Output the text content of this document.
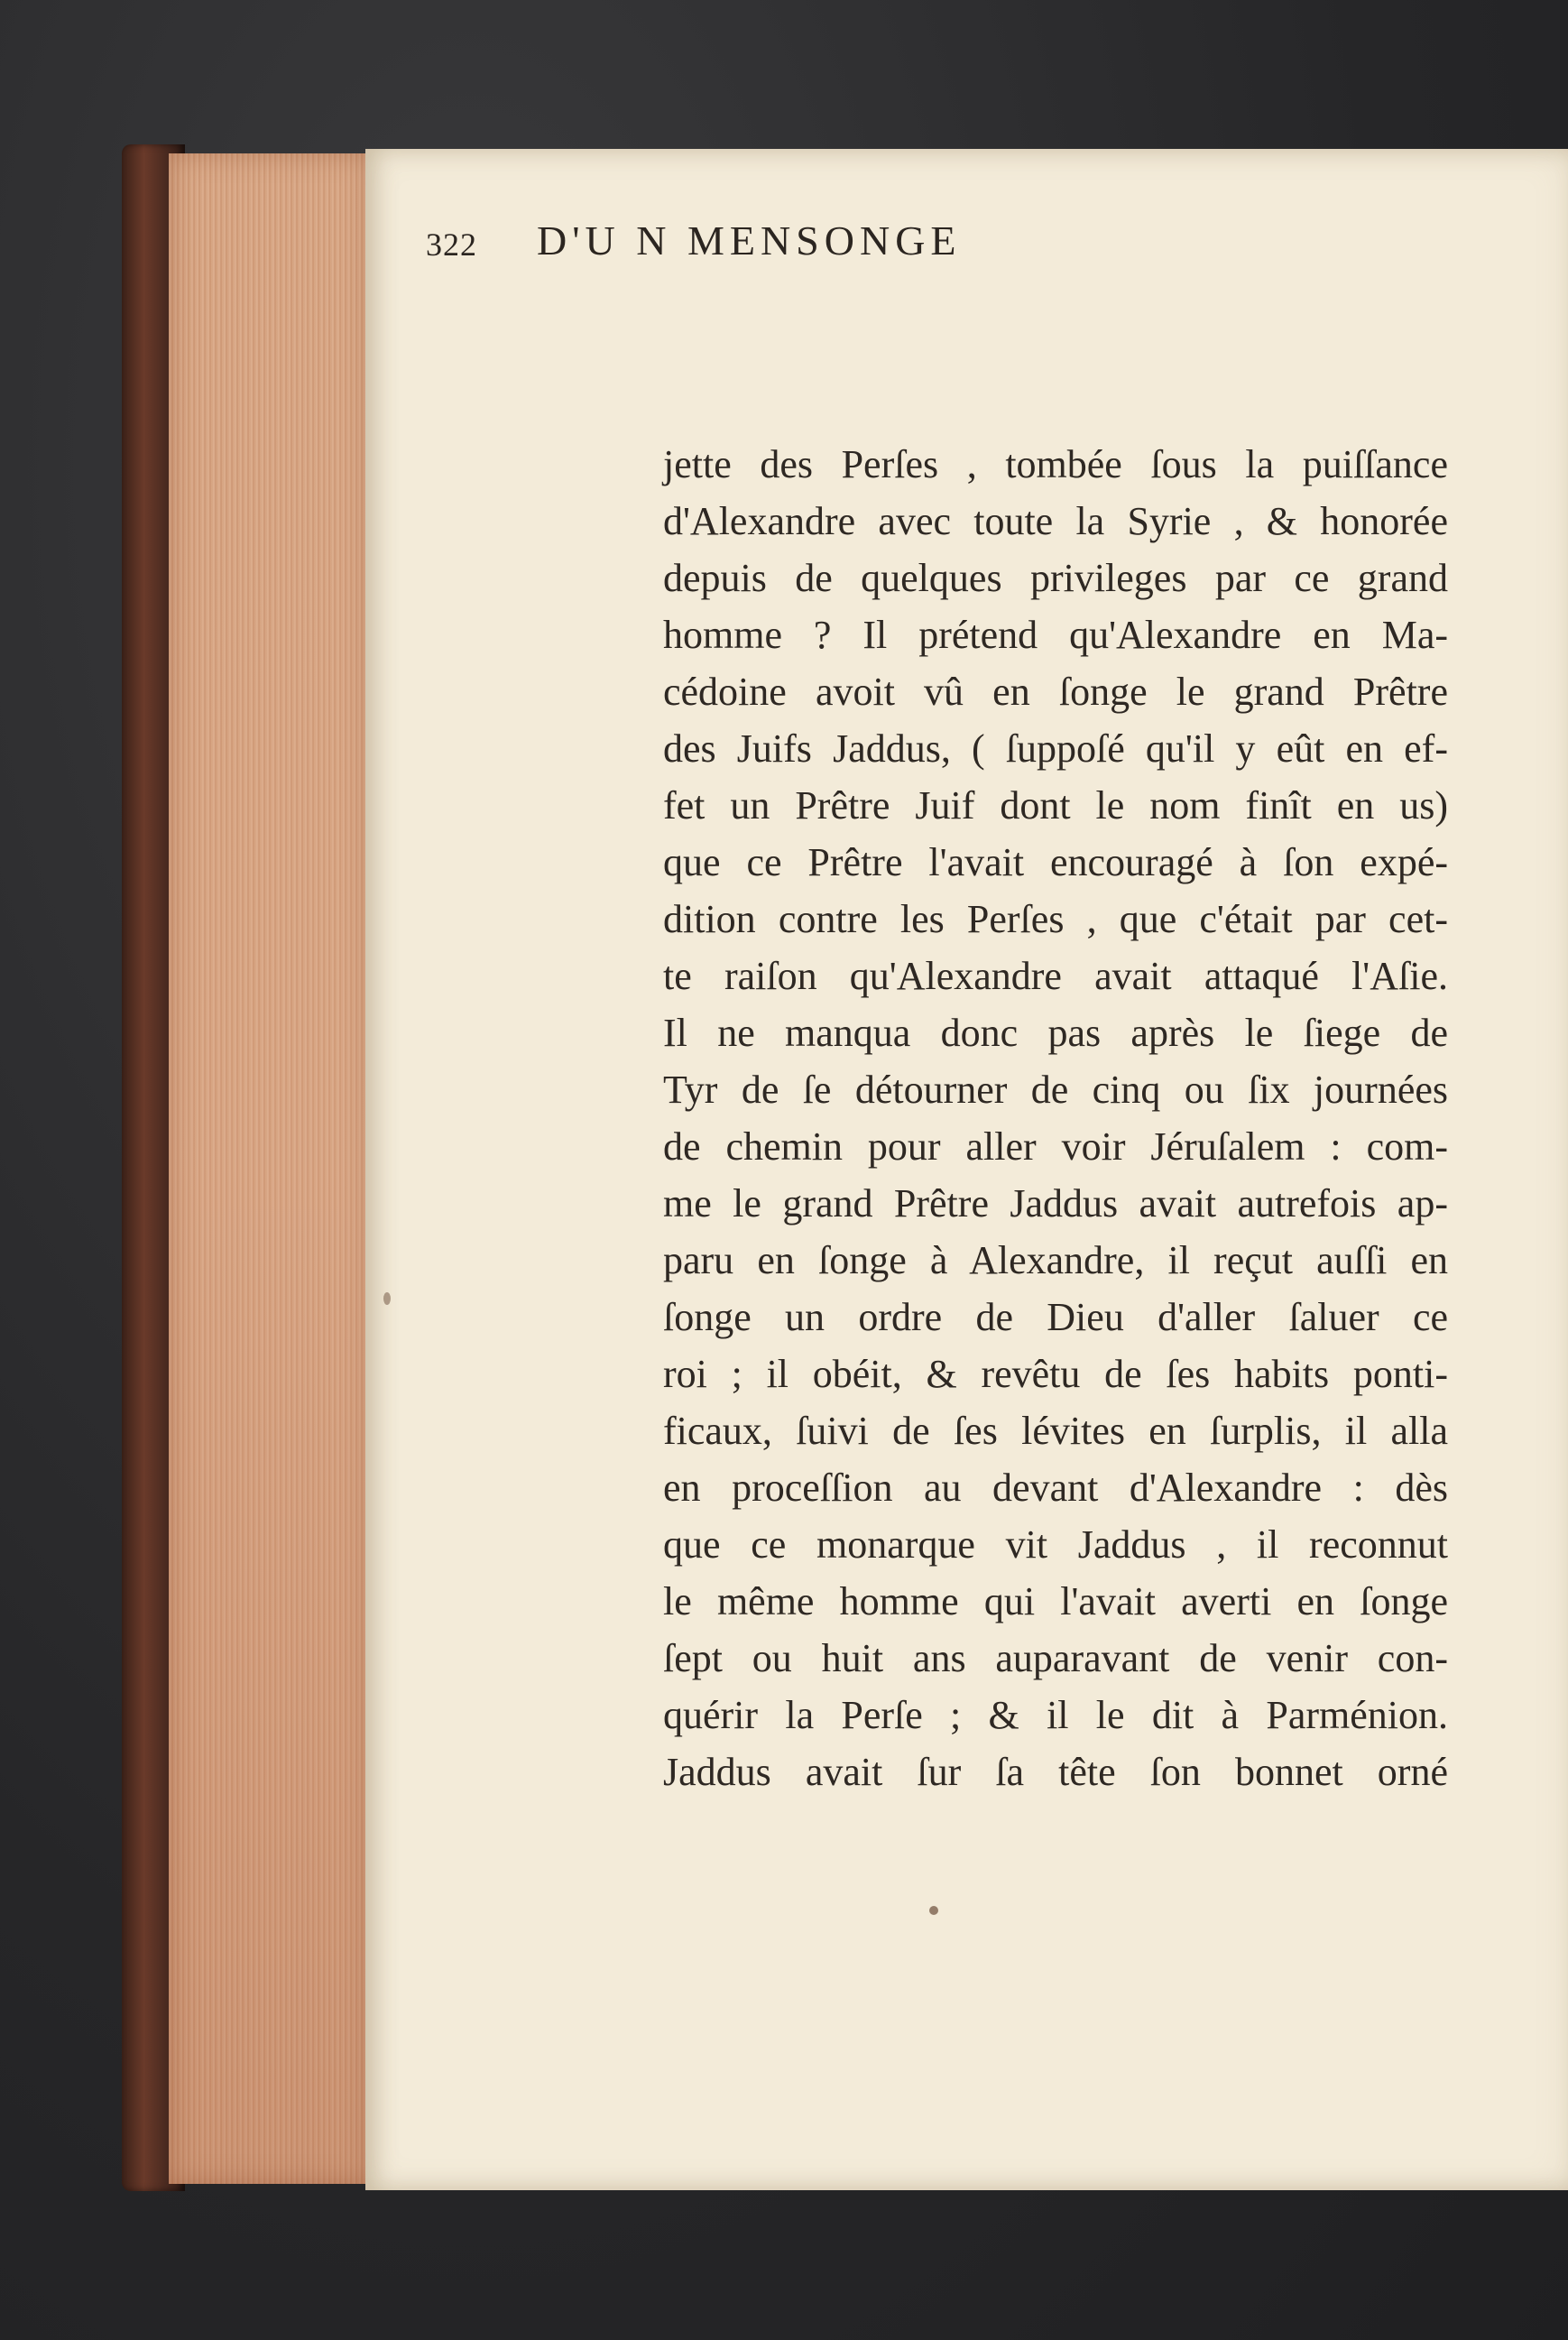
322 D'U N MENSONGE
jette des Perſes , tombée ſous la puiſſance
d'Alexandre avec toute la Syrie , & honorée
depuis de quelques privileges par ce grand
homme ? Il prétend qu'Alexandre en Ma-
cédoine avoit vû en ſonge le grand Prêtre
des Juifs Jaddus, ( ſuppoſé qu'il y eût en ef-
fet un Prêtre Juif dont le nom finît en us)
que ce Prêtre l'avait encouragé à ſon expé-
dition contre les Perſes , que c'était par cet-
te raiſon qu'Alexandre avait attaqué l'Aſie.
Il ne manqua donc pas après le ſiege de
Tyr de ſe détourner de cinq ou ſix journées
de chemin pour aller voir Jéruſalem : com-
me le grand Prêtre Jaddus avait autrefois ap-
paru en ſonge à Alexandre, il reçut auſſi en
ſonge un ordre de Dieu d'aller ſaluer ce
roi ; il obéit, & revêtu de ſes habits ponti-
ficaux, ſuivi de ſes lévites en ſurplis, il alla
en proceſſion au devant d'Alexandre : dès
que ce monarque vit Jaddus , il reconnut
le même homme qui l'avait averti en ſonge
ſept ou huit ans auparavant de venir con-
quérir la Perſe ; & il le dit à Parménion.
Jaddus avait ſur ſa tête ſon bonnet orné
